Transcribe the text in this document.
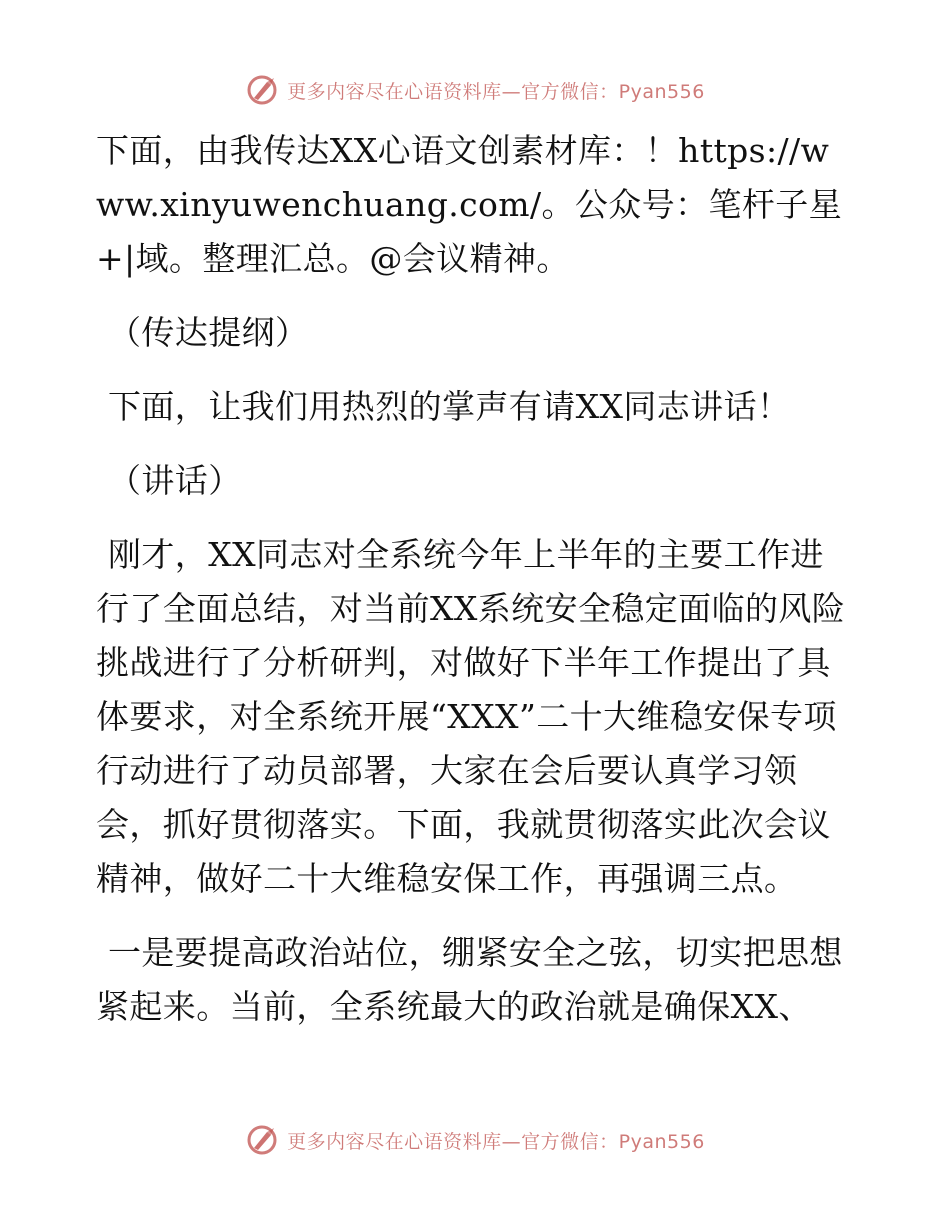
更多内容尽在心语资料库—官方微信：Pyan556

下面，由我传达XX心语文创素材库：！https://www.xinyuwenchuang.com/。公众号：笔杆子星+|域。整理汇总。@会议精神。

（传达提纲）

下面，让我们用热烈的掌声有请XX同志讲话！

（讲话）

刚才，XX同志对全系统今年上半年的主要工作进行了全面总结，对当前XX系统安全稳定面临的风险挑战进行了分析研判，对做好下半年工作提出了具体要求，对全系统开展“XXX”二十大维稳安保专项行动进行了动员部署，大家在会后要认真学习领会，抓好贯彻落实。下面，我就贯彻落实此次会议精神，做好二十大维稳安保工作，再强调三点。

一是要提高政治站位，绷紧安全之弦，切实把思想紧起来。当前，全系统最大的政治就是确保XX、

更多内容尽在心语资料库—官方微信：Pyan556
